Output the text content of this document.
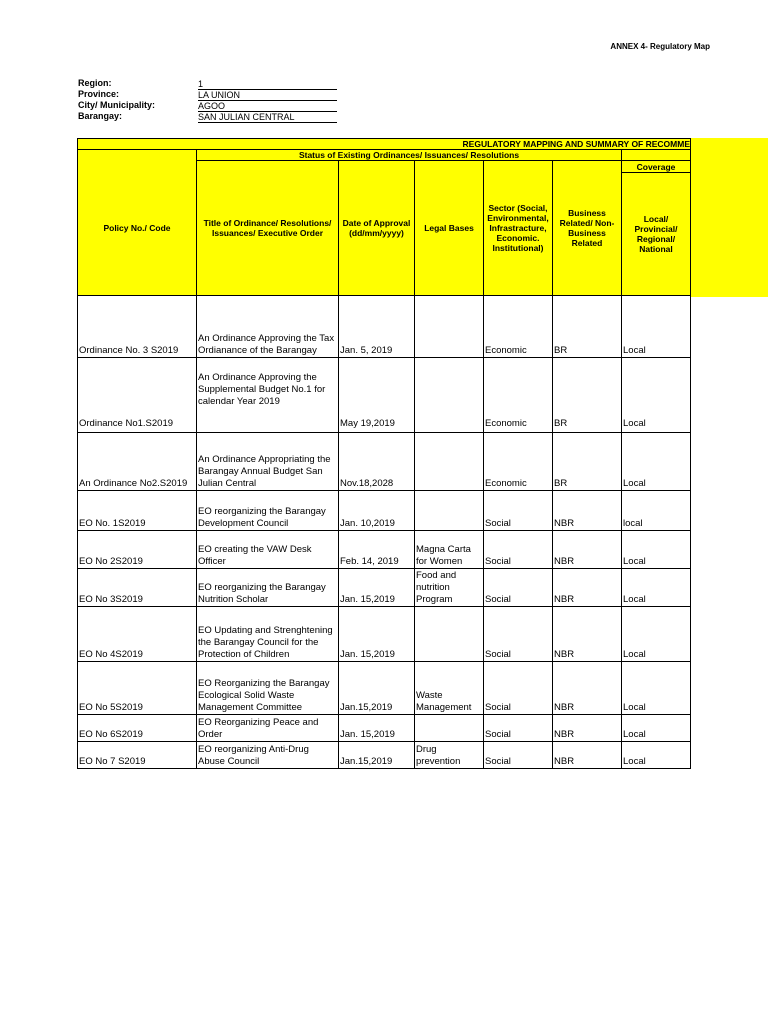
ANNEX 4- Regulatory Map
Region:	1
Province:	LA UNION
City/ Municipality:	AGOO
Barangay:	SAN JULIAN CENTRAL
REGULATORY MAPPING AND SUMMARY OF RECOMME						
	Status of Existing Ordinances/ Issuances/ Resolutions					
Policy No./ Code	Title of Ordinance/ Resolutions/ Issuances/ Executive Order	Date of Approval (dd/mm/yyyy)	Legal Bases	Sector (Social, Environmental, Infrastracture, Economic. Institutional)	Business Related/ Non-Business Related	Coverage
						Local/ Provincial/ Regional/ National
Ordinance No. 3 S2019	An Ordinance Approving the Tax Ordianance of the Barangay	Jan. 5, 2019		Economic	BR	Local
Ordinance No1.S2019	An Ordinance Approving the Supplemental Budget No.1 for calendar Year 2019	May 19,2019		Economic	BR	Local
An Ordinance No2.S2019	An Ordinance Appropriating the Barangay Annual Budget San Julian Central	Nov.18,2028		Economic	BR	Local
EO No. 1S2019	EO reorganizing the Barangay Development Council	Jan. 10,2019		Social	NBR	local
EO No 2S2019	EO creating the VAW Desk Officer	Feb. 14, 2019	Magna Carta for Women	Social	NBR	Local
EO No 3S2019	EO reorganizing the Barangay Nutrition Scholar	Jan. 15,2019	Food and nutrition Program	Social	NBR	Local
EO No 4S2019	EO Updating and Strenghtening the Barangay Council for the Protection of Children	Jan. 15,2019		Social	NBR	Local
EO No 5S2019	EO Reorganizing the Barangay Ecological Solid Waste Management Committee	Jan.15,2019	Waste Management	Social	NBR	Local
EO No 6S2019	EO Reorganizing Peace and Order	Jan. 15,2019		Social	NBR	Local
EO No 7 S2019	EO reorganizing Anti-Drug Abuse Council	Jan.15,2019	Drug prevention	Social	NBR	Local
